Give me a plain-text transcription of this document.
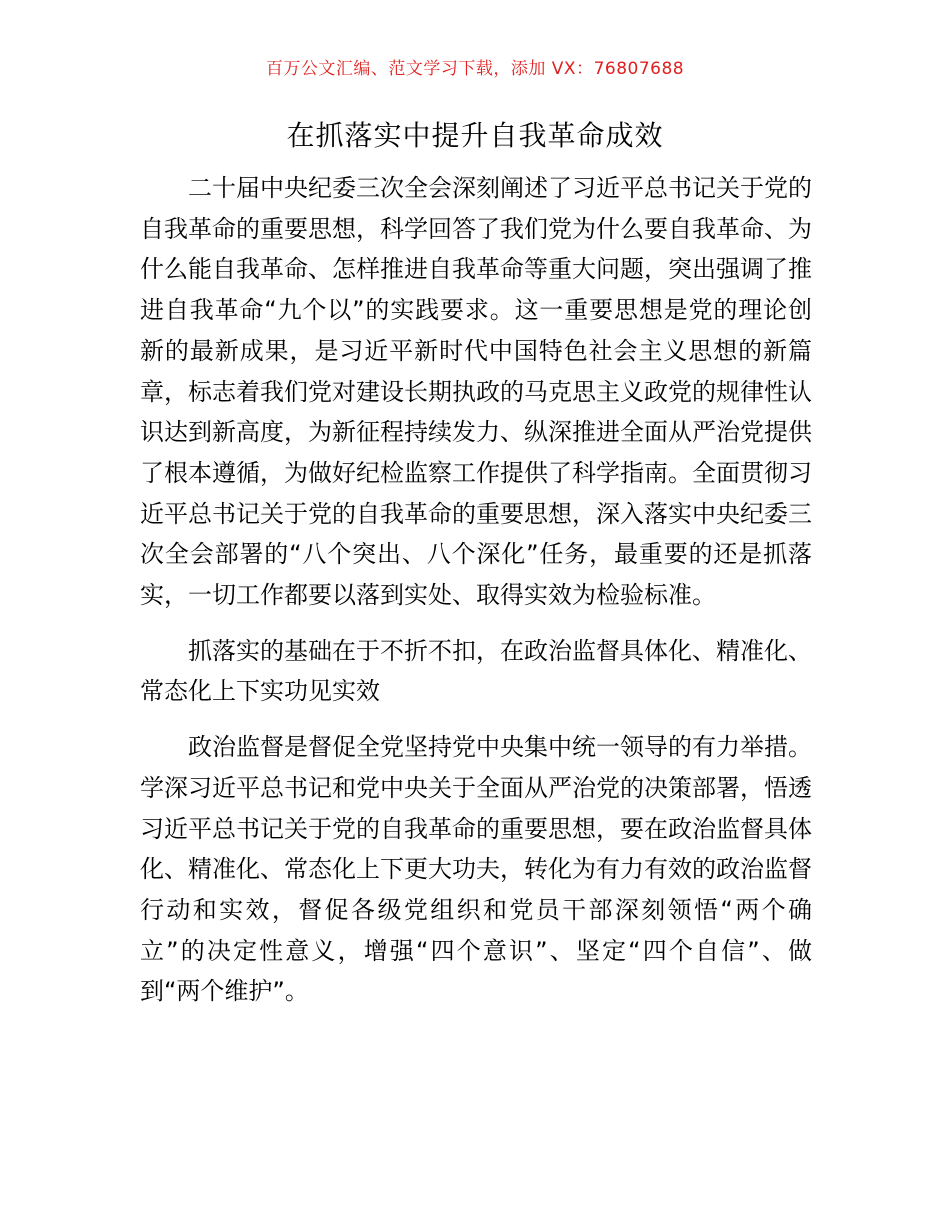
百万公文汇编、范文学习下载，添加 VX：76807688
在抓落实中提升自我革命成效

二十届中央纪委三次全会深刻阐述了习近平总书记关于党的自我革命的重要思想，科学回答了我们党为什么要自我革命、为什么能自我革命、怎样推进自我革命等重大问题，突出强调了推进自我革命“九个以”的实践要求。这一重要思想是党的理论创新的最新成果，是习近平新时代中国特色社会主义思想的新篇章，标志着我们党对建设长期执政的马克思主义政党的规律性认识达到新高度，为新征程持续发力、纵深推进全面从严治党提供了根本遵循，为做好纪检监察工作提供了科学指南。全面贯彻习近平总书记关于党的自我革命的重要思想，深入落实中央纪委三次全会部署的“八个突出、八个深化”任务，最重要的还是抓落实，一切工作都要以落到实处、取得实效为检验标准。

抓落实的基础在于不折不扣，在政治监督具体化、精准化、常态化上下实功见实效

政治监督是督促全党坚持党中央集中统一领导的有力举措。学深习近平总书记和党中央关于全面从严治党的决策部署，悟透习近平总书记关于党的自我革命的重要思想，要在政治监督具体化、精准化、常态化上下更大功夫，转化为有力有效的政治监督行动和实效，督促各级党组织和党员干部深刻领悟“两个确立”的决定性意义，增强“四个意识”、坚定“四个自信”、做到“两个维护”。
